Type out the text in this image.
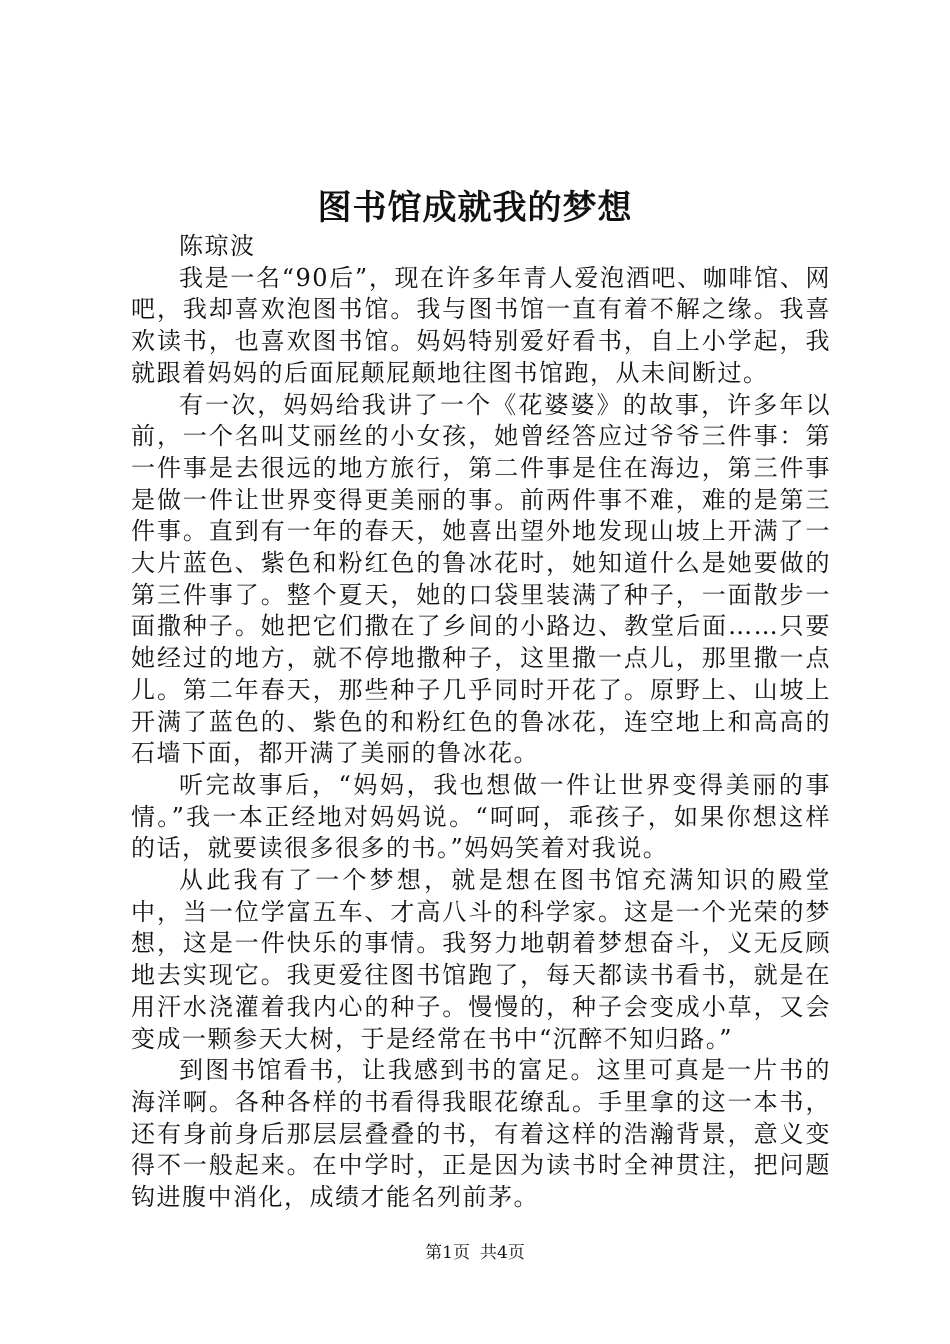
图书馆成就我的梦想

陈琼波

我是一名“90后”，现在许多年青人爱泡酒吧、咖啡馆、网吧，我却喜欢泡图书馆。我与图书馆一直有着不解之缘。我喜欢读书，也喜欢图书馆。妈妈特别爱好看书，自上小学起，我就跟着妈妈的后面屁颠屁颠地往图书馆跑，从未间断过。

有一次，妈妈给我讲了一个《花婆婆》的故事，许多年以前，一个名叫艾丽丝的小女孩，她曾经答应过爷爷三件事：第一件事是去很远的地方旅行，第二件事是住在海边，第三件事是做一件让世界变得更美丽的事。前两件事不难，难的是第三件事。直到有一年的春天，她喜出望外地发现山坡上开满了一大片蓝色、紫色和粉红色的鲁冰花时，她知道什么是她要做的第三件事了。整个夏天，她的口袋里装满了种子，一面散步一面撒种子。她把它们撒在了乡间的小路边、教堂后面……只要她经过的地方，就不停地撒种子，这里撒一点儿，那里撒一点儿。第二年春天，那些种子几乎同时开花了。原野上、山坡上开满了蓝色的、紫色的和粉红色的鲁冰花，连空地上和高高的石墙下面，都开满了美丽的鲁冰花。

听完故事后，“妈妈，我也想做一件让世界变得美丽的事情。”我一本正经地对妈妈说。“呵呵，乖孩子，如果你想这样的话，就要读很多很多的书。”妈妈笑着对我说。

从此我有了一个梦想，就是想在图书馆充满知识的殿堂中，当一位学富五车、才高八斗的科学家。这是一个光荣的梦想，这是一件快乐的事情。我努力地朝着梦想奋斗，义无反顾地去实现它。我更爱往图书馆跑了，每天都读书看书，就是在用汗水浇灌着我内心的种子。慢慢的，种子会变成小草，又会变成一颗参天大树，于是经常在书中“沉醉不知归路。”

到图书馆看书，让我感到书的富足。这里可真是一片书的海洋啊。各种各样的书看得我眼花缭乱。手里拿的这一本书，还有身前身后那层层叠叠的书，有着这样的浩瀚背景，意义变得不一般起来。在中学时，正是因为读书时全神贯注，把问题钩进腹中消化，成绩才能名列前茅。

第1页 共4页
